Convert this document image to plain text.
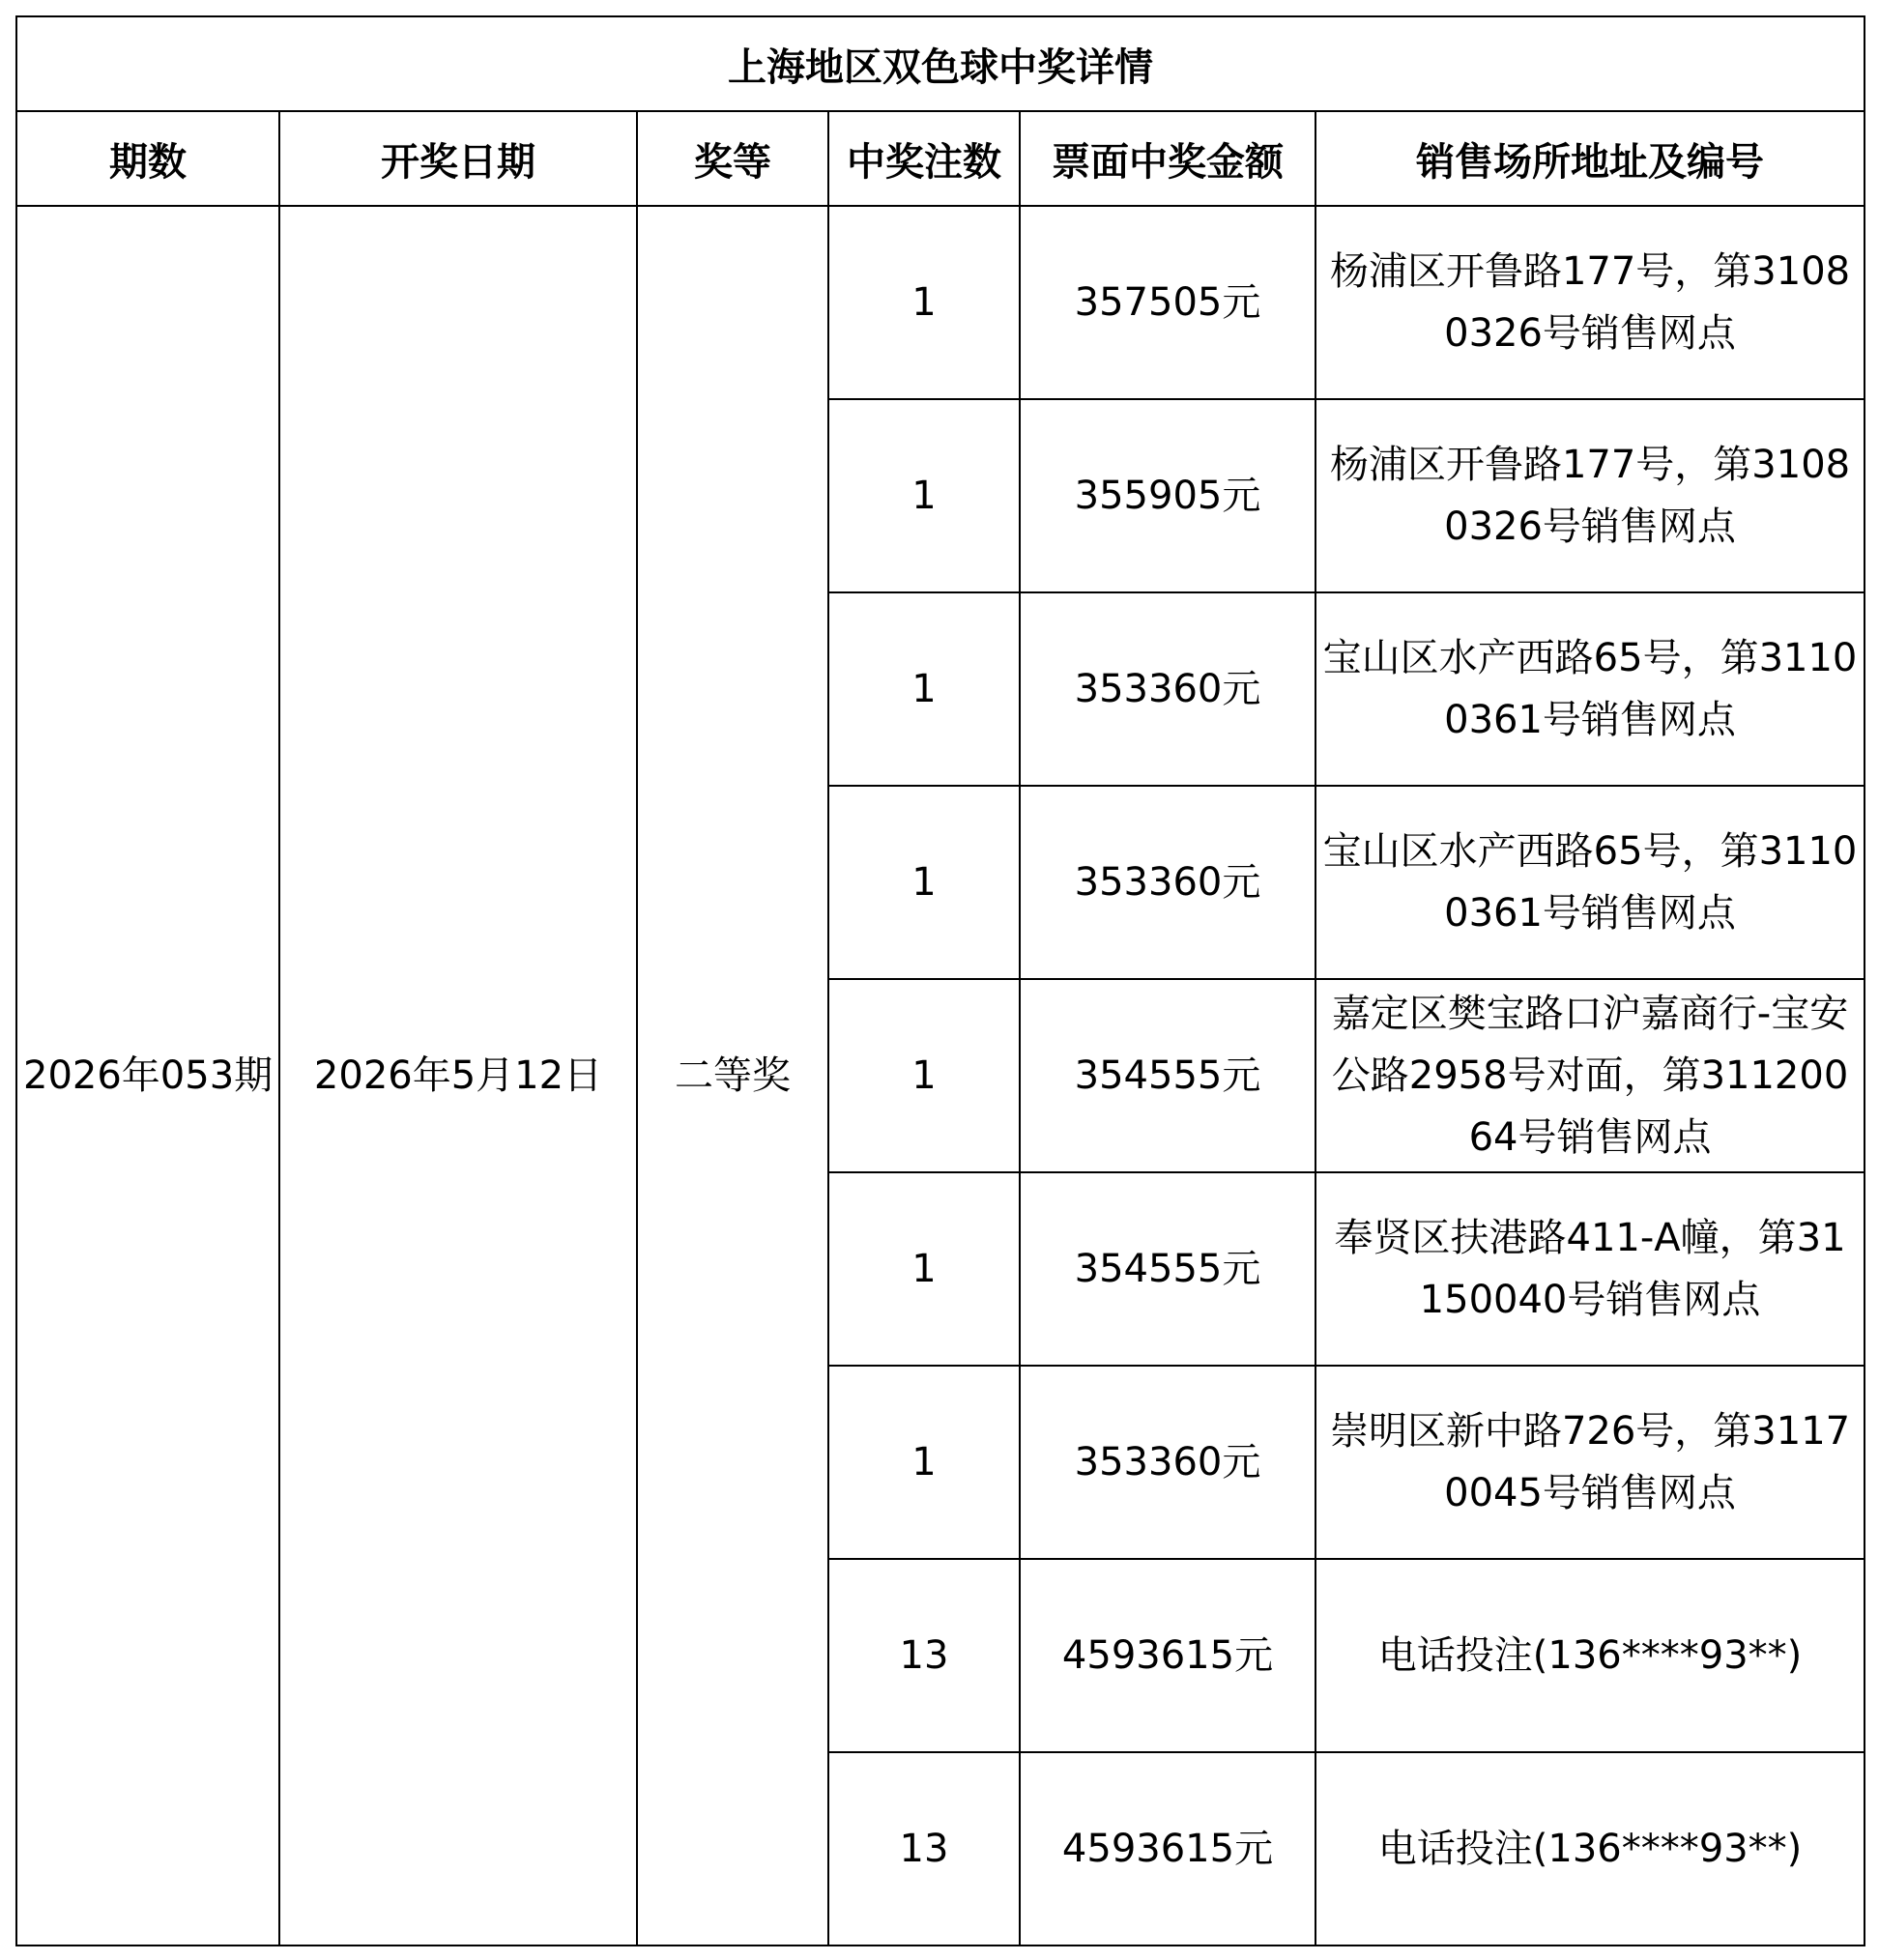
上海地区双色球中奖详情					
期数	开奖日期	奖等	中奖注数	票面中奖金额	销售场所地址及编号
2026年053期	2026年5月12日	二等奖	1	357505元	杨浦区开鲁路177号，第31080326号销售网点
			1	355905元	杨浦区开鲁路177号，第31080326号销售网点
			1	353360元	宝山区水产西路65号，第31100361号销售网点
			1	353360元	宝山区水产西路65号，第31100361号销售网点
			1	354555元	嘉定区樊宝路口沪嘉商行-宝安公路2958号对面，第31120064号销售网点
			1	354555元	奉贤区扶港路411-A幢，第31150040号销售网点
			1	353360元	崇明区新中路726号，第31170045号销售网点
			13	4593615元	电话投注(136****93**)
			13	4593615元	电话投注(136****93**)
